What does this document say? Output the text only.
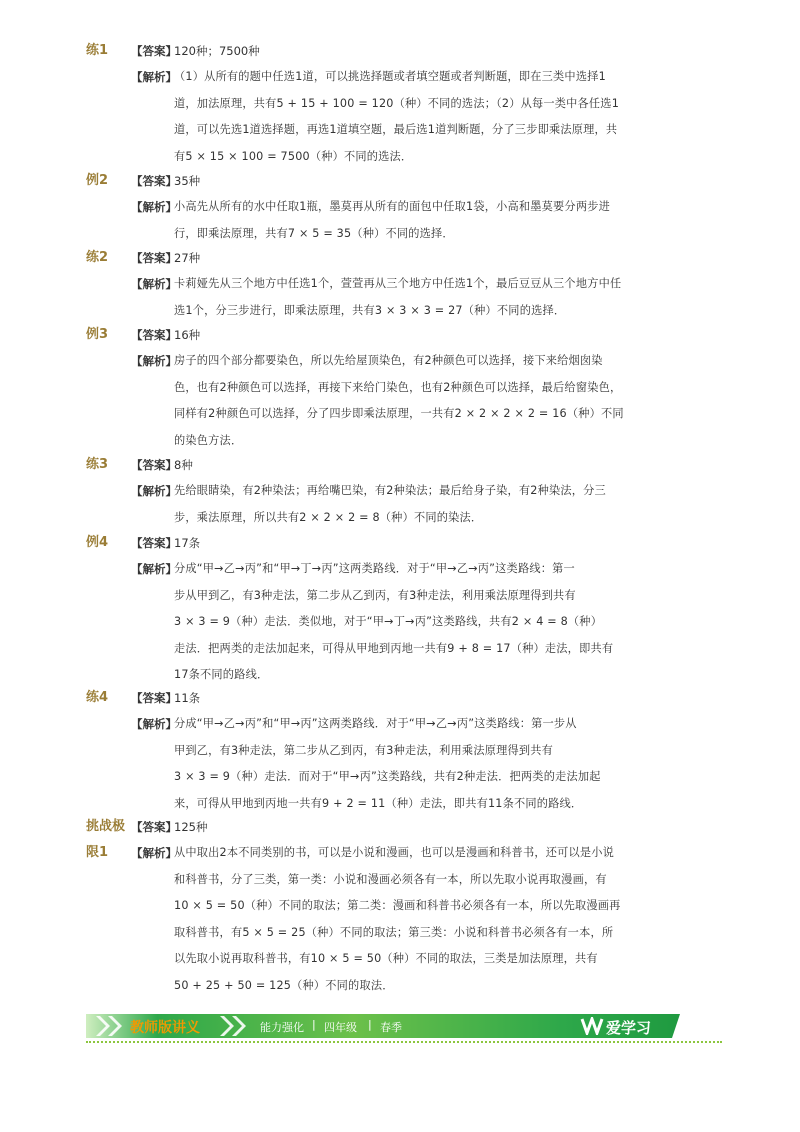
练1 【答案】
120种；7500种
【解析】
（1）从所有的题中任选1道，可以挑选择题或者填空题或者判断题，即在三类中选择1
道，加法原理，共有5 + 15 + 100 = 120（种）不同的选法；（2）从每一类中各任选1
道，可以先选1道选择题，再选1道填空题，最后选1道判断题，分了三步即乘法原理，共
有5 × 15 × 100 = 7500（种）不同的选法．
例2 【答案】
35种
【解析】
小高先从所有的水中任取1瓶，墨莫再从所有的面包中任取1袋，小高和墨莫要分两步进
行，即乘法原理，共有7 × 5 = 35（种）不同的选择．
练2 【答案】
27种
【解析】
卡莉娅先从三个地方中任选1个，萱萱再从三个地方中任选1个，最后豆豆从三个地方中任
选1个，分三步进行，即乘法原理，共有3 × 3 × 3 = 27（种）不同的选择．
例3 【答案】
16种
【解析】
房子的四个部分都要染色，所以先给屋顶染色，有2种颜色可以选择，接下来给烟囱染
色，也有2种颜色可以选择，再接下来给门染色，也有2种颜色可以选择，最后给窗染色，
同样有2种颜色可以选择，分了四步即乘法原理，一共有2 × 2 × 2 × 2 = 16（种）不同
的染色方法．
练3 【答案】
8种
【解析】
先给眼睛染，有2种染法；再给嘴巴染，有2种染法；最后给身子染，有2种染法，分三
步，乘法原理，所以共有2 × 2 × 2 = 8（种）不同的染法．
例4 【答案】
17条
【解析】
分成“甲→乙→丙”和“甲→丁→丙”这两类路线．对于“甲→乙→丙”这类路线：第一
步从甲到乙，有3种走法，第二步从乙到丙，有3种走法，利用乘法原理得到共有
3 × 3 = 9（种）走法．类似地，对于“甲→丁→丙”这类路线，共有2 × 4 = 8（种）
走法．把两类的走法加起来，可得从甲地到丙地一共有9 + 8 = 17（种）走法，即共有
17条不同的路线．
练4 【答案】
11条
【解析】
分成“甲→乙→丙”和“甲→丙”这两类路线．对于“甲→乙→丙”这类路线：第一步从
甲到乙，有3种走法，第二步从乙到丙，有3种走法，利用乘法原理得到共有
3 × 3 = 9（种）走法．而对于“甲→丙”这类路线，共有2种走法．把两类的走法加起
来，可得从甲地到丙地一共有9 + 2 = 11（种）走法，即共有11条不同的路线．
挑战极
限1
【答案】
125种
【解析】
从中取出2本不同类别的书，可以是小说和漫画，也可以是漫画和科普书，还可以是小说
和科普书，分了三类，第一类：小说和漫画必须各有一本，所以先取小说再取漫画，有
10 × 5 = 50（种）不同的取法；第二类：漫画和科普书必须各有一本，所以先取漫画再
取科普书，有5 × 5 = 25（种）不同的取法；第三类：小说和科普书必须各有一本，所
以先取小说再取科普书，有10 × 5 = 50（种）不同的取法，三类是加法原理，共有
50 + 25 + 50 = 125（种）不同的取法．
教师版讲义	能力强化 | 四年级 | 春季	爱学习
